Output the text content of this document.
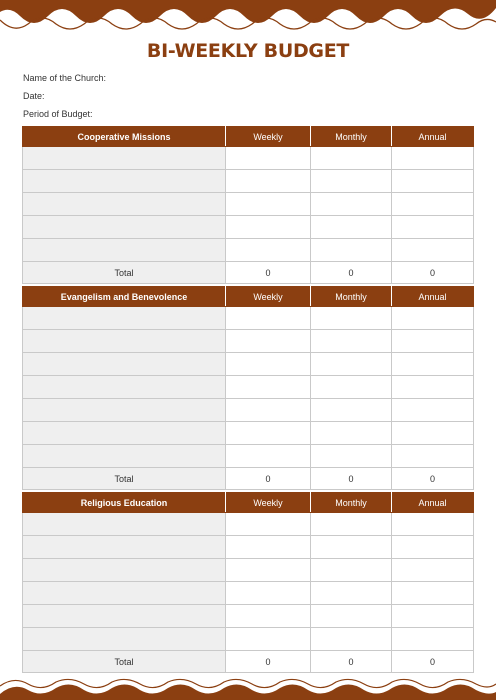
BI-WEEKLY BUDGET
Name of the Church:
Date:
Period of Budget:
Cooperative Missions	Weekly	Monthly	Annual

Total	0	0	0
Evangelism and Benevolence	Weekly	Monthly	Annual

Total	0	0	0
Religious Education	Weekly	Monthly	Annual

Total	0	0	0
